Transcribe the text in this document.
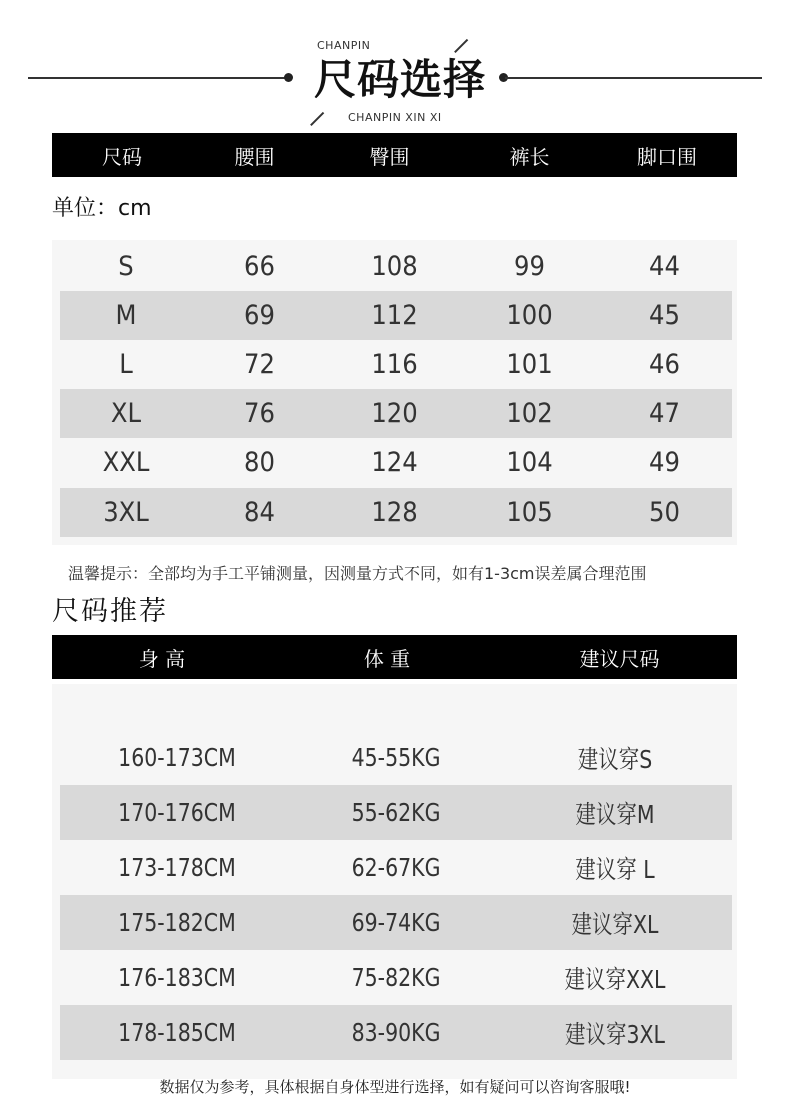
CHANPIN
尺码选择
CHANPIN XIN XI
尺码	腰围	臀围	裤长	脚口围
单位：cm
S	66	108	99	44
M	69	112	100	45
L	72	116	101	46
XL	76	120	102	47
XXL	80	124	104	49
3XL	84	128	105	50
温馨提示：全部均为手工平铺测量，因测量方式不同，如有1-3cm误差属合理范围
尺码推荐
身 高	体 重	建议尺码
160-173CM	45-55KG	建议穿S
170-176CM	55-62KG	建议穿M
173-178CM	62-67KG	建议穿 L
175-182CM	69-74KG	建议穿XL
176-183CM	75-82KG	建议穿XXL
178-185CM	83-90KG	建议穿3XL
数据仅为参考，具体根据自身体型进行选择，如有疑问可以咨询客服哦!
